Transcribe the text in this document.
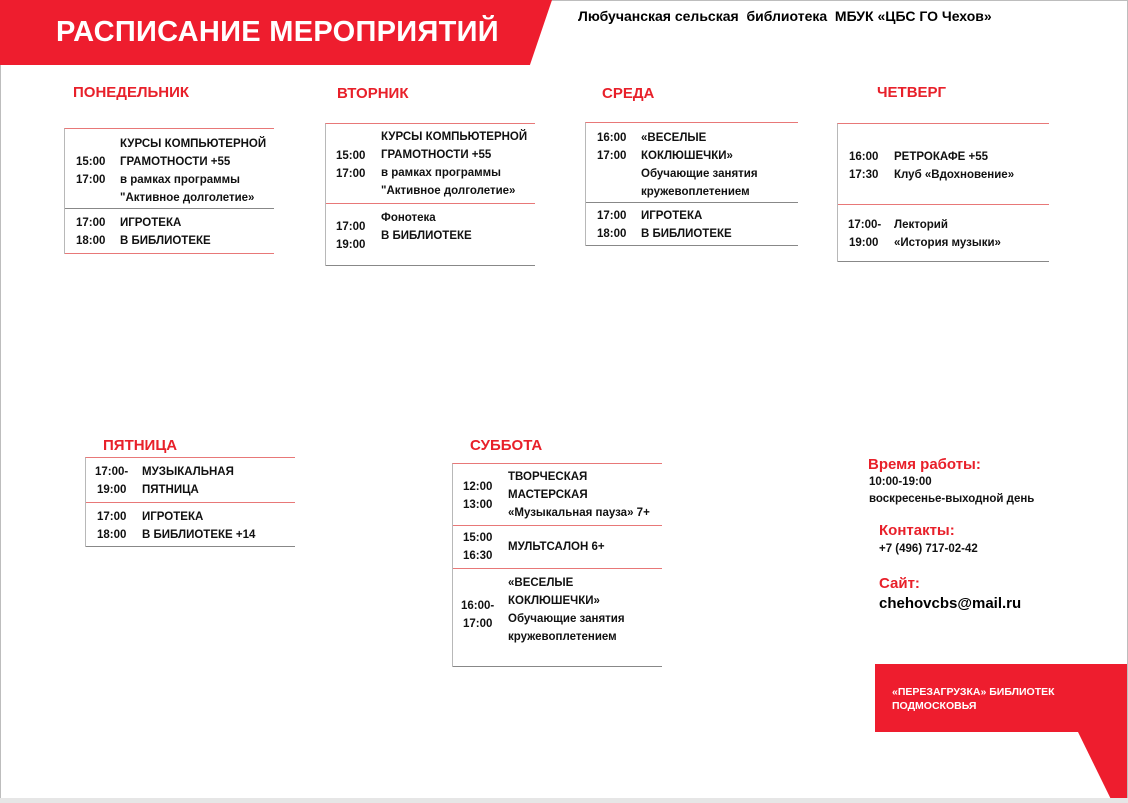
РАСПИСАНИЕ МЕРОПРИЯТИЙ	Любучанская сельская  библиотека  МБУК «ЦБС ГО Чехов»
ПОНЕДЕЛЬНИК
15:00
17:00
КУРСЫ КОМПЬЮТЕРНОЙ
ГРАМОТНОСТИ +55
в рамках программы
"Активное долголетие»
17:00
18:00
ИГРОТЕКА
В БИБЛИОТЕКЕ
ВТОРНИК
15:00
17:00
КУРСЫ КОМПЬЮТЕРНОЙ
ГРАМОТНОСТИ +55
в рамках программы
"Активное долголетие»
17:00
19:00
Фонотека
В БИБЛИОТЕКЕ
СРЕДА
16:00
17:00
«ВЕСЕЛЫЕ
КОКЛЮШЕЧКИ»
Обучающие занятия
кружевоплетением
17:00
18:00
ИГРОТЕКА
В БИБЛИОТЕКЕ
ЧЕТВЕРГ
16:00
17:30
РЕТРОКАФЕ +55
Клуб «Вдохновение»
17:00-
19:00
Лекторий
«История музыки»
ПЯТНИЦА
17:00-
19:00
МУЗЫКАЛЬНАЯ
ПЯТНИЦА
17:00
18:00
ИГРОТЕКА
В БИБЛИОТЕКЕ +14
СУББОТА
12:00
13:00
ТВОРЧЕСКАЯ
МАСТЕРСКАЯ
«Музыкальная пауза» 7+
15:00
16:30
МУЛЬТСАЛОН 6+
16:00-
17:00
«ВЕСЕЛЫЕ
КОКЛЮШЕЧКИ»
Обучающие занятия
кружевоплетением
Время работы:
10:00-19:00
воскресенье-выходной день
Контакты:
+7 (496) 717-02-42
Сайт:
chehovcbs@mail.ru
«ПЕРЕЗАГРУЗКА» БИБЛИОТЕК
ПОДМОСКОВЬЯ
